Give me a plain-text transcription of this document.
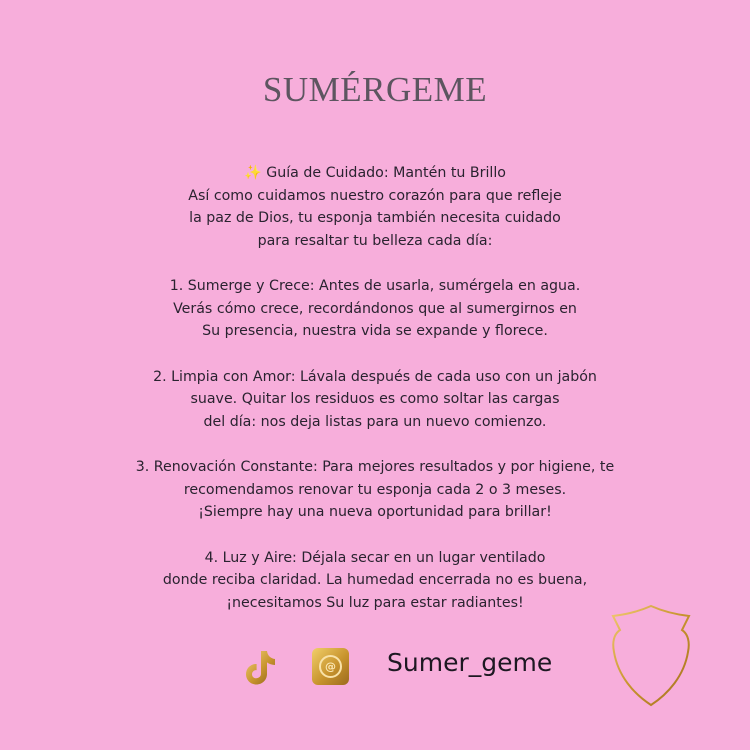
SUMÉRGEME
✨ Guía de Cuidado: Mantén tu Brillo
Así como cuidamos nuestro corazón para que refleje
la paz de Dios, tu esponja también necesita cuidado
para resaltar tu belleza cada día:
1. Sumerge y Crece: Antes de usarla, sumérgela en agua.
Verás cómo crece, recordándonos que al sumergirnos en
Su presencia, nuestra vida se expande y florece.
2. Limpia con Amor: Lávala después de cada uso con un jabón
suave. Quitar los residuos es como soltar las cargas
del día: nos deja listas para un nuevo comienzo.
3. Renovación Constante: Para mejores resultados y por higiene, te
recomendamos renovar tu esponja cada 2 o 3 meses.
¡Siempre hay una nueva oportunidad para brillar!
4. Luz y Aire: Déjala secar en un lugar ventilado
donde reciba claridad. La humedad encerrada no es buena,
¡necesitamos Su luz para estar radiantes!
@ Sumer_geme
